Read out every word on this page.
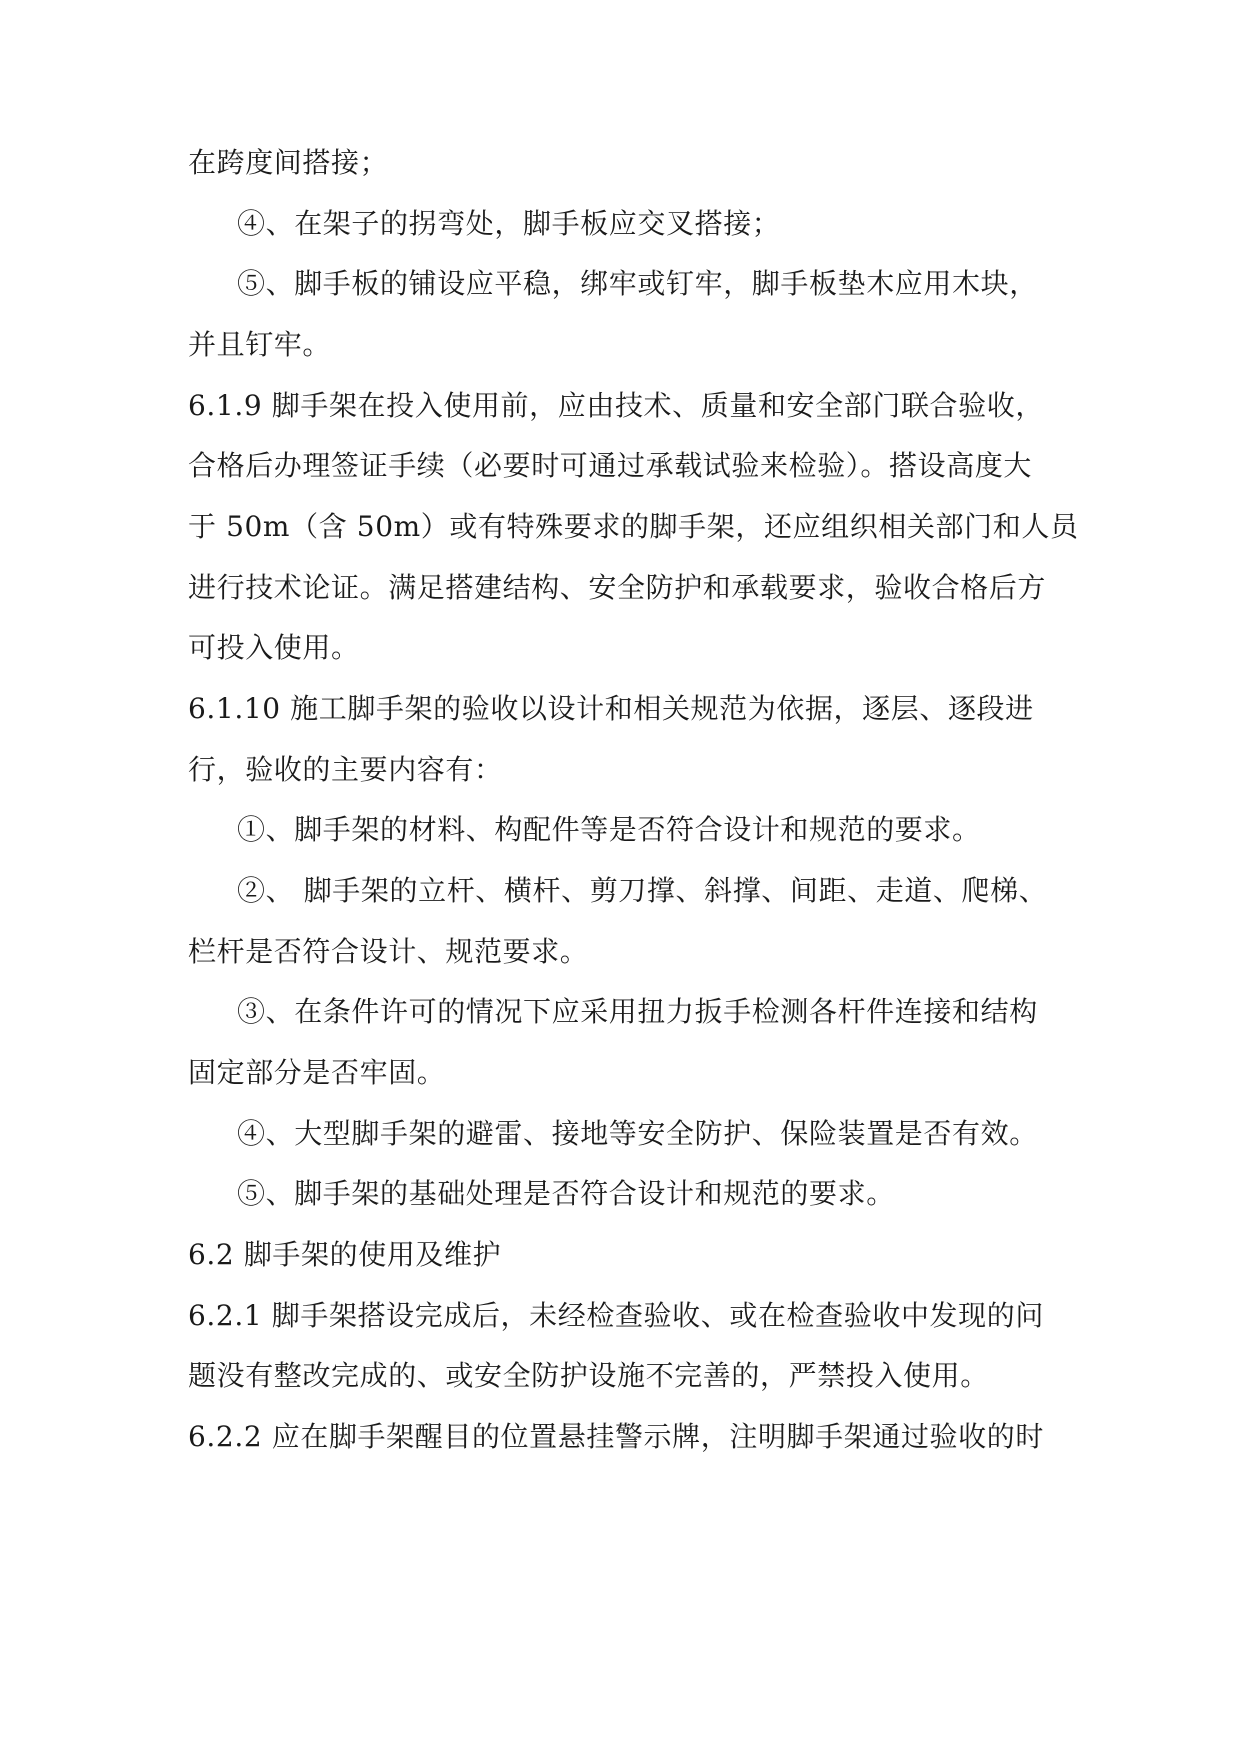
在跨度间搭接；
④、在架子的拐弯处，脚手板应交叉搭接；
⑤、脚手板的铺设应平稳，绑牢或钉牢，脚手板垫木应用木块，
并且钉牢。
6.1.9 脚手架在投入使用前，应由技术、质量和安全部门联合验收，
合格后办理签证手续（必要时可通过承载试验来检验）。搭设高度大
于 50m（含 50m）或有特殊要求的脚手架，还应组织相关部门和人员
进行技术论证。满足搭建结构、安全防护和承载要求，验收合格后方
可投入使用。
6.1.10 施工脚手架的验收以设计和相关规范为依据，逐层、逐段进
行，验收的主要内容有：
①、脚手架的材料、构配件等是否符合设计和规范的要求。
②、 脚手架的立杆、横杆、剪刀撑、斜撑、间距、走道、爬梯、
栏杆是否符合设计、规范要求。
③、在条件许可的情况下应采用扭力扳手检测各杆件连接和结构
固定部分是否牢固。
④、大型脚手架的避雷、接地等安全防护、保险装置是否有效。
⑤、脚手架的基础处理是否符合设计和规范的要求。
6.2 脚手架的使用及维护
6.2.1 脚手架搭设完成后，未经检查验收、或在检查验收中发现的问
题没有整改完成的、或安全防护设施不完善的，严禁投入使用。
6.2.2 应在脚手架醒目的位置悬挂警示牌，注明脚手架通过验收的时
